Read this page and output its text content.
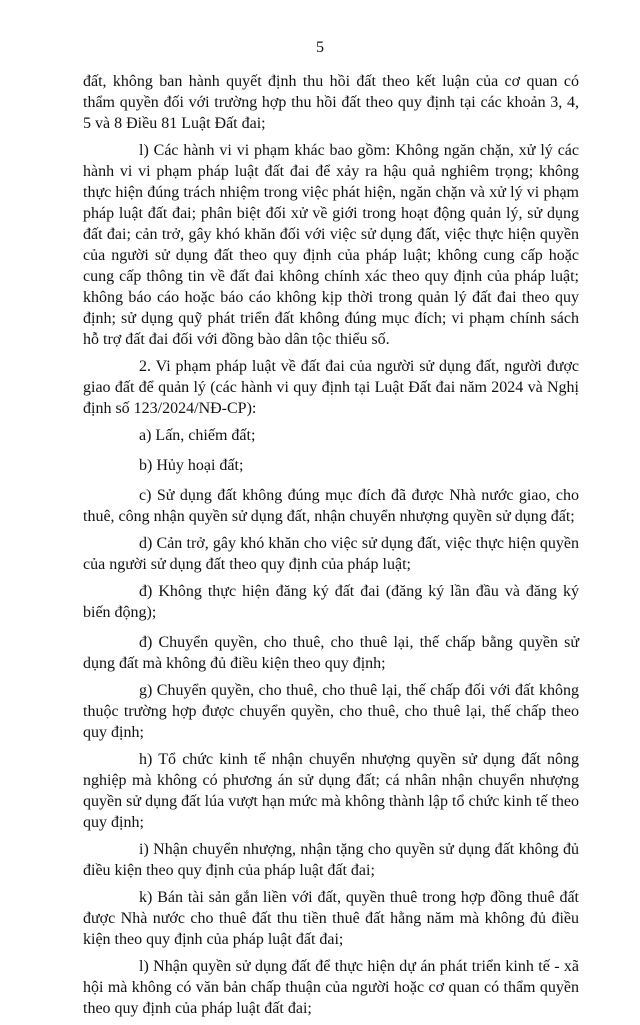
5

đất, không ban hành quyết định thu hồi đất theo kết luận của cơ quan có thẩm quyền đối với trường hợp thu hồi đất theo quy định tại các khoản 3, 4, 5 và 8 Điều 81 Luật Đất đai;

l) Các hành vi vi phạm khác bao gồm: Không ngăn chặn, xử lý các hành vi vi phạm pháp luật đất đai để xảy ra hậu quả nghiêm trọng; không thực hiện đúng trách nhiệm trong việc phát hiện, ngăn chặn và xử lý vi phạm pháp luật đất đai; phân biệt đối xử về giới trong hoạt động quản lý, sử dụng đất đai; cản trở, gây khó khăn đối với việc sử dụng đất, việc thực hiện quyền của người sử dụng đất theo quy định của pháp luật; không cung cấp hoặc cung cấp thông tin về đất đai không chính xác theo quy định của pháp luật; không báo cáo hoặc báo cáo không kịp thời trong quản lý đất đai theo quy định; sử dụng quỹ phát triển đất không đúng mục đích; vi phạm chính sách hỗ trợ đất đai đối với đồng bào dân tộc thiểu số.

2. Vi phạm pháp luật về đất đai của người sử dụng đất, người được giao đất để quản lý (các hành vi quy định tại Luật Đất đai năm 2024 và Nghị định số 123/2024/NĐ-CP):

a) Lấn, chiếm đất;

b) Hủy hoại đất;

c) Sử dụng đất không đúng mục đích đã được Nhà nước giao, cho thuê, công nhận quyền sử dụng đất, nhận chuyển nhượng quyền sử dụng đất;

d) Cản trở, gây khó khăn cho việc sử dụng đất, việc thực hiện quyền của người sử dụng đất theo quy định của pháp luật;

đ) Không thực hiện đăng ký đất đai (đăng ký lần đầu và đăng ký biến động);

đ) Chuyển quyền, cho thuê, cho thuê lại, thế chấp bằng quyền sử dụng đất mà không đủ điều kiện theo quy định;

g) Chuyển quyền, cho thuê, cho thuê lại, thế chấp đối với đất không thuộc trường hợp được chuyển quyền, cho thuê, cho thuê lại, thế chấp theo quy định;

h) Tổ chức kinh tế nhận chuyển nhượng quyền sử dụng đất nông nghiệp mà không có phương án sử dụng đất; cá nhân nhận chuyển nhượng quyền sử dụng đất lúa vượt hạn mức mà không thành lập tổ chức kinh tế theo quy định;

i) Nhận chuyển nhượng, nhận tặng cho quyền sử dụng đất không đủ điều kiện theo quy định của pháp luật đất đai;

k) Bán tài sản gắn liền với đất, quyền thuê trong hợp đồng thuê đất được Nhà nước cho thuê đất thu tiền thuê đất hằng năm mà không đủ điều kiện theo quy định của pháp luật đất đai;

l) Nhận quyền sử dụng đất để thực hiện dự án phát triển kinh tế - xã hội mà không có văn bản chấp thuận của người hoặc cơ quan có thẩm quyền theo quy định của pháp luật đất đai;
